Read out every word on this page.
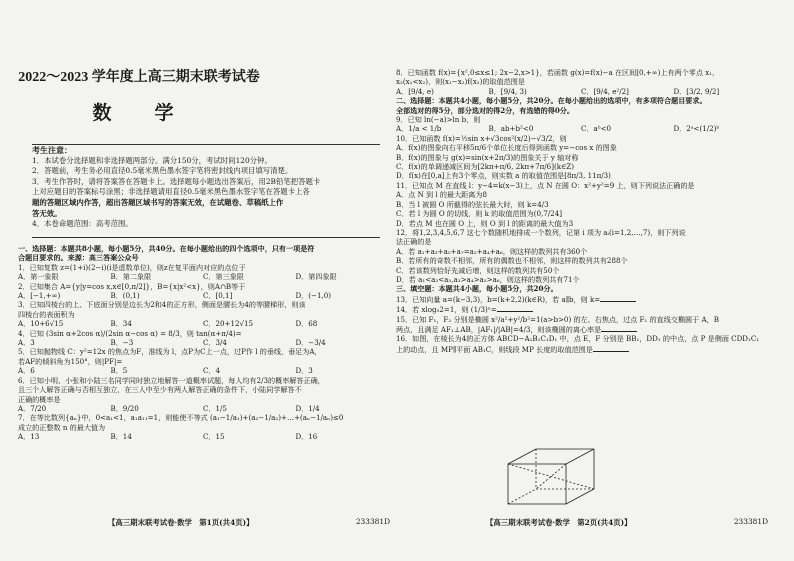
2022～2023 学年度上高三期末联考试卷
数　学

考生注意：

1．本试卷分选择题和非选择题两部分。满分150分，考试时间120分钟。

2．答题前，考生务必用直径0.5毫米黑色墨水签字笔将密封线内项目填写清楚。

3．考生作答时，请将答案答在答题卡上。选择题每小题选出答案后，用2B铅笔把答题卡

上对应题目的答案标号涂黑；非选择题请用直径0.5毫米黑色墨水签字笔在答题卡上各

题的答题区域内作答，超出答题区域书写的答案无效，在试题卷、草稿纸上作

答无效。

4．本卷命题范围：高考范围。

一、选择题：本题共8小题，每小题5分，共40分。在每小题给出的四个选项中，只有一项是符

合题目要求的。来源：高三答案公众号

1．已知复数 z=(1+i)(2−i)(i是虚数单位)，则z在复平面内对应的点位于

A．第一象限	B．第二象限	C．第三象限	D．第四象限

2．已知集合 A={y|y=cos x,x∈[0,π/2]}，B={x|x²<x}，则A∩B等于

A．[−1,+∞)	B．(0,1)	C．[0,1]	D．(−1,0)

3．已知四棱台的上、下底面分别是边长为2和4的正方形，侧面是腰长为4的等腰梯形，则该

四棱台的表面积为

A．10+6√15	B．34	C．20+12√15	D．68

4．已知 (3sin α+2cos α)/(2sin α−cos α) = 8/3，则 tan(α+π/4)=

A．3	B．−3	C．3/4	D．−3/4

5．已知抛物线 C：y²=12x 的焦点为F，准线为 l，点P为C上一点，过P作 l 的垂线，垂足为A，

若AF的倾斜角为150°，则|PF|=

A．6	B．5	C．4	D．3

6．已知小明、小张和小陆三名同学同时独立地解答一道概率试题，每人均有2/3的概率解答正确，

且三个人解答正确与否相互独立，在三人中至少有两人解答正确的条件下，小陆同学解答不

正确的概率是

A．7/20	B．9/20	C．1/5	D．1/4

7．在等比数列{aₙ}中，0<a₁<1，a₁a₁₁=1，则能使不等式 (a₁−1/a₁)+(a₂−1/a₂)+…+(aₙ−1/aₙ)≤0

成立的正整数 n 的最大值为

A．13	B．14	C．15	D．16
【高三期末联考试卷·数学　第1页(共4页)】	233381D

8．已知函数 f(x)={x²,0≤x≤1; 2x−2,x>1}，若函数 g(x)=f(x)−a 在区间[0,+∞)上有两个零点 x₁，

x₂(x₁<x₂)，则(x₁−x₂)f(x₂)的取值范围是

A．[9/4, e)	B．[9/4, 3)	C．[9/4, e²/2]	D．[3/2, 9/2]

二、选择题：本题共4小题，每小题5分，共20分。在每小题给出的选项中，有多项符合题目要求。

全部选对的得5分，部分选对的得2分，有选错的得0分。

9．已知 ln(−a)>ln b，则

A．1/a < 1/b	B．ab+b²<0	C．aᵇ<0	D．2ᵃ<(1/2)ᵇ

10．已知函数 f(x)=½sin x+√3cos²(x/2)−√3/2，则

A．f(x)的图象向右平移5π/6个单位长度后得到函数 y=−cos x 的图象

B．f(x)的图象与 g(x)=sin(x+2π/3)的图象关于 y 轴对称

C．f(x)的单调递减区间为[2kπ+π/6, 2kπ+7π/6](k∈Z)

D．f(x)在[0,a]上有3个零点，则实数 a 的取值范围是[8π/3, 11π/3)

11．已知点 M 在直线 l：y−4=k(x−3)上，点 N 在圆 O：x²+y²=9 上，则下列说法正确的是

A．点 N 到 l 的最大距离为8

B．当 l 被圆 O 所截得的弦长最大时，则 k=4/3

C．若 l 为圆 O 的切线，则 k 的取值范围为(0,7/24]

D．若点 M 也在圆 O 上，则 O 到 l 的距离的最大值为3

12．将1,2,3,4,5,6,7 这七个数随机地排成一个数列，记第 i 项为 aᵢ(i=1,2,…,7)，则下列说

法正确的是

A．若 a₁+a₃+a₅+a₇=a₂+a₄+a₆，则这样的数列共有360个

B．若所有的奇数不相邻，所有的偶数也不相邻，则这样的数列共有288个

C．若该数列恰好先减后增，则这样的数列共有50个

D．若 a₁<a₂<a₃,a₃>a₄>a₅>a₆，则这样的数列共有71个

三、填空题：本题共4小题，每小题5分，共20分。

13．已知向量 a=(k−3,3)，b=(k+2,2)(k∈R)，若 a∥b，则 k=

14．若 xlog₃2=1，则 (1/3)ˣ=

15．已知 F₁，F₂ 分别是椭圆 x²/a²+y²/b²=1(a>b>0) 的左、右焦点，过点 F₁ 的直线交椭圆于 A，B

两点，且满足 AF₁⊥AB，|AF₁|/|AB|=4/3，则该椭圆的离心率是

16．如图，在棱长为4的正方体 ABCD−A₁B₁C₁D₁ 中，点 E，F 分别是 BB₁，DD₁ 的中点，点 P 是侧面 CDD₁C₁

上的动点，且 MP∥平面 AB₁C，则线段 MP 长度的取值范围是

【高三期末联考试卷·数学　第2页(共4页)】	233381D
